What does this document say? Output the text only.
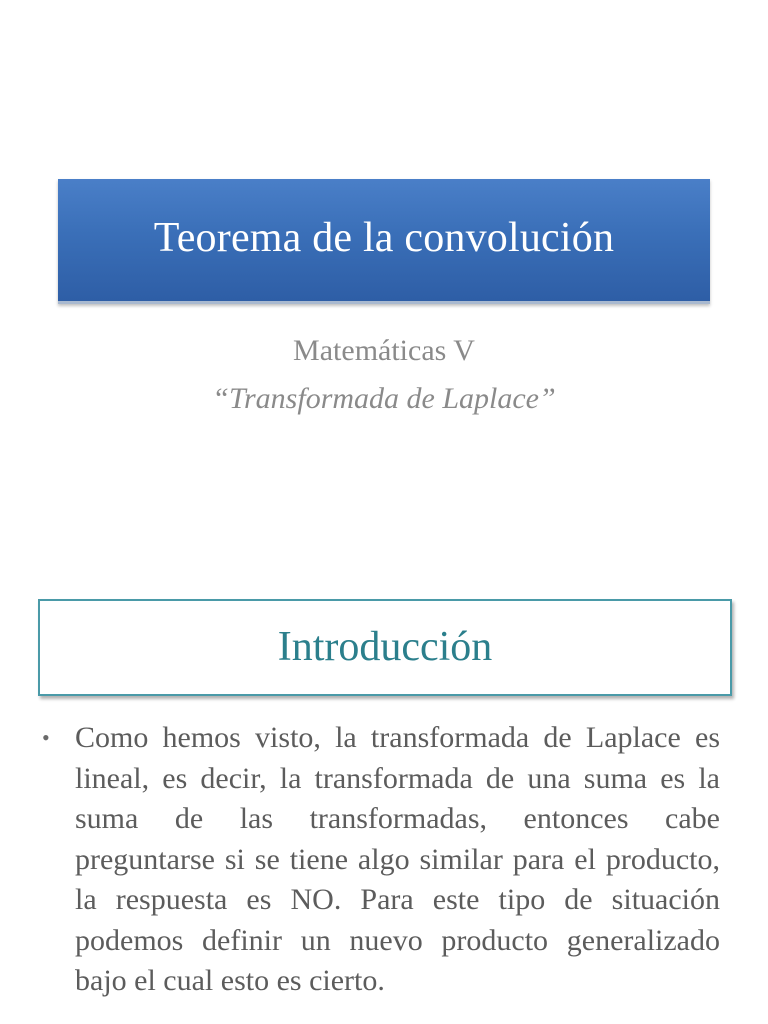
Teorema de la convolución
Matemáticas V
“Transformada de Laplace”
Introducción
• Como hemos visto, la transformada de Laplace es lineal, es decir, la transformada de una suma es la suma de las transformadas, entonces cabe preguntarse si se tiene algo similar para el producto, la respuesta es NO. Para este tipo de situación podemos definir un nuevo producto generalizado bajo el cual esto es cierto.
